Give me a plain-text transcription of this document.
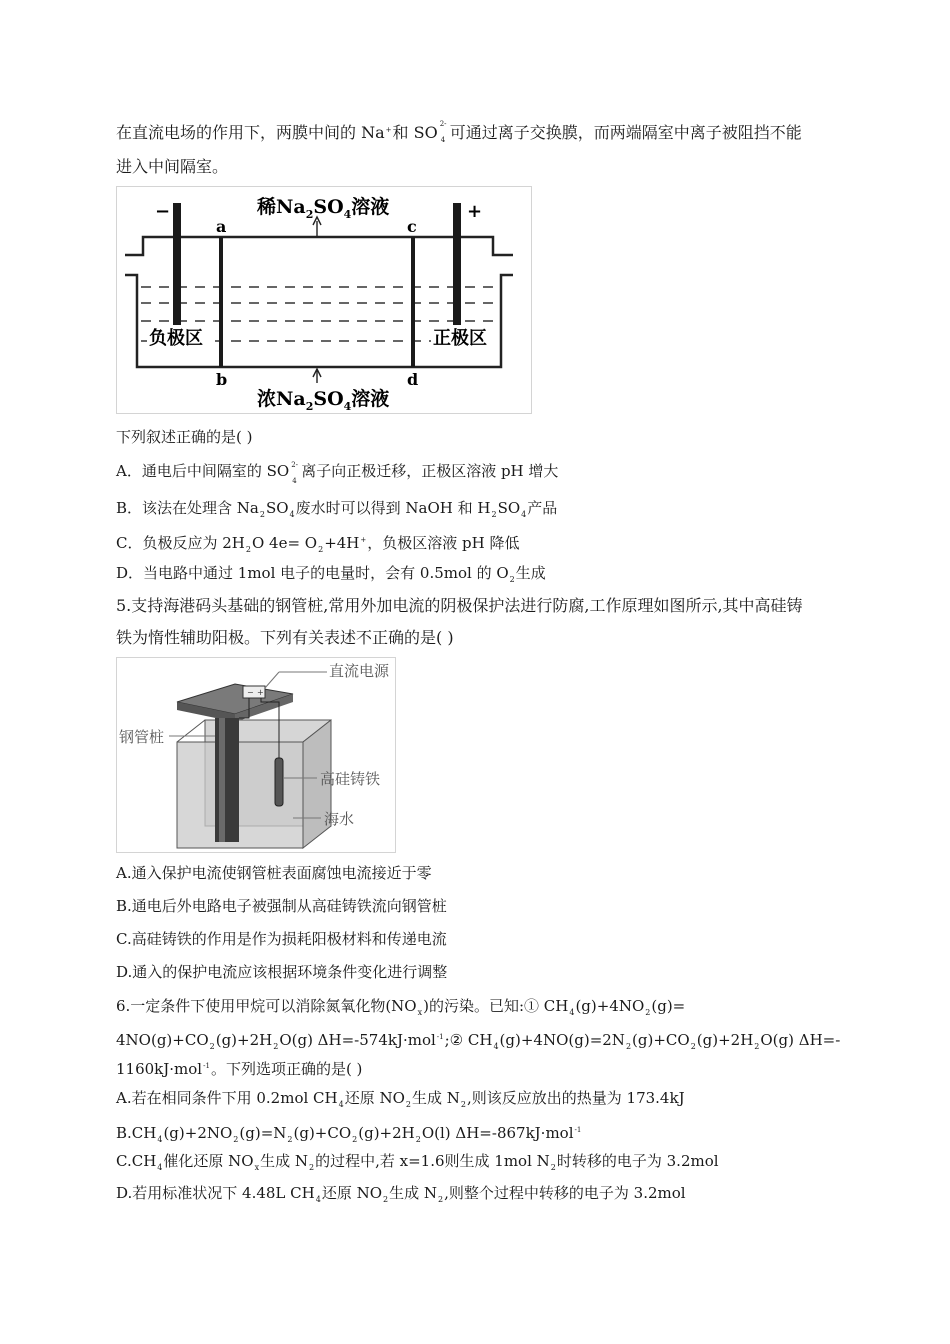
在直流电场的作用下，两膜中间的 Na+和 SO 2-
4 可通过离子交换膜，而两端隔室中离子被阻挡不能
进入中间隔室。
稀$Na_2SO_4$溶液
浓$Na_2SO_4$溶液
−	+
a	c
b	d
负极区	正极区
下列叙述正确的是( )
A．通电后中间隔室的 SO 2-
4
离子向正极迁移，正极区溶液 pH 增大
B．该法在处理含 $Na_2SO_4$废水时可以得到 NaOH 和 $H_2SO_4$产品
C．负极反应为 $2H_2O$ $4e= O_2+4H^+$，负极区溶液 pH 降低
D．当电路中通过 1mol 电子的电量时，会有 0.5mol 的 $O_2$生成
5.支持海港码头基础的钢管桩,常用外加电流的阴极保护法进行防腐,工作原理如图所示,其中高硅铸
铁为惰性辅助阳极。下列有关表述不正确的是( )
− +
直流电源
钢管桩
高硅铸铁
海水
A.通入保护电流使钢管桩表面腐蚀电流接近于零
B.通电后外电路电子被强制从高硅铸铁流向钢管桩
C.高硅铸铁的作用是作为损耗阳极材料和传递电流
D.通入的保护电流应该根据环境条件变化进行调整
6.一定条件下使用甲烷可以消除氮氧化物$(NO_x)$的污染。已知:① $CH_4(g)+4NO_2(g)=$
$4NO(g)+CO_2(g)+2H_2O(g)$ ΔH=-574kJ·mol$^{-1}$;② $CH_4(g)+4NO(g)=2N_2(g)+CO_2(g)+2H_2O(g)$ ΔH=-
1160kJ·mol$^{-1}$。下列选项正确的是( )
A.若在相同条件下用 0.2mol $CH_4$还原 $NO_2$生成 $N_2$,则该反应放出的热量为 173.4kJ
$B.CH_4(g)+2NO_2(g)=N_2(g)+CO_2(g)+2H_2O(l)$ ΔH=-867kJ·mol$^{-1}$
$C.CH_4$催化还原 $NO_x$生成 $N_2$的过程中,若 x=1.6则生成 1mol $N_2$时转移的电子为 3.2mol
D.若用标准状况下 4.48L $CH_4$还原 $NO_2$生成 $N_2$,则整个过程中转移的电子为 3.2mol
